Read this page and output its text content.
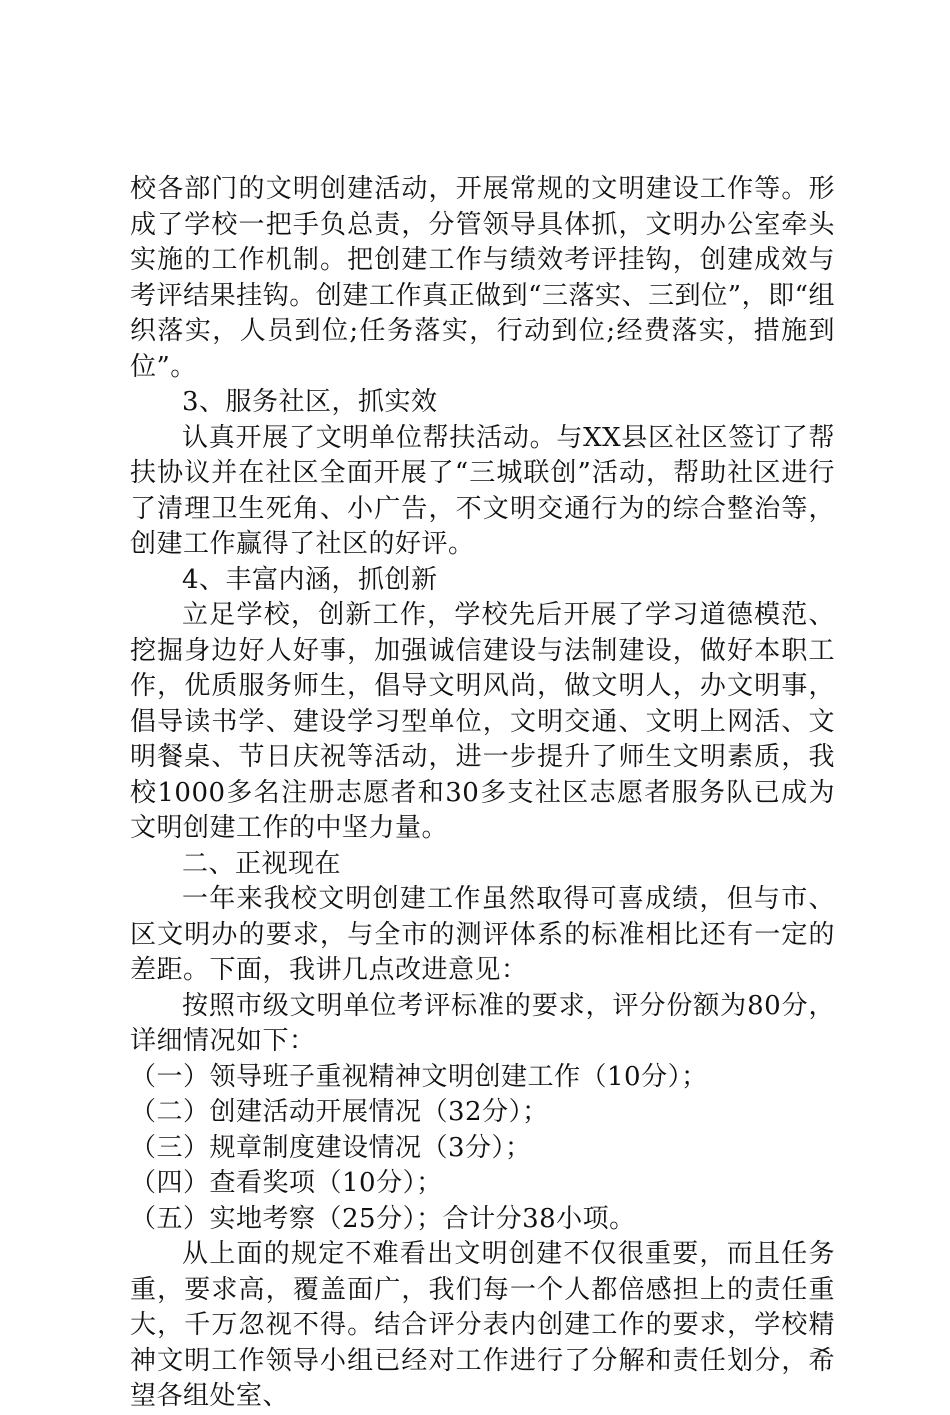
校各部门的文明创建活动，开展常规的文明建设工作等。形成了学校一把手负总责，分管领导具体抓，文明办公室牵头实施的工作机制。把创建工作与绩效考评挂钩，创建成效与考评结果挂钩。创建工作真正做到“三落实、三到位”，即“组织落实，人员到位;任务落实，行动到位;经费落实，措施到位”。

3、服务社区，抓实效

认真开展了文明单位帮扶活动。与XX县区社区签订了帮扶协议并在社区全面开展了“三城联创”活动，帮助社区进行了清理卫生死角、小广告，不文明交通行为的综合整治等，创建工作赢得了社区的好评。

4、丰富内涵，抓创新

立足学校，创新工作，学校先后开展了学习道德模范、挖掘身边好人好事，加强诚信建设与法制建设，做好本职工作，优质服务师生，倡导文明风尚，做文明人，办文明事，倡导读书学、建设学习型单位，文明交通、文明上网活、文明餐桌、节日庆祝等活动，进一步提升了师生文明素质，我校1000多名注册志愿者和30多支社区志愿者服务队已成为文明创建工作的中坚力量。

二、正视现在

一年来我校文明创建工作虽然取得可喜成绩，但与市、区文明办的要求，与全市的测评体系的标准相比还有一定的差距。下面，我讲几点改进意见：

按照市级文明单位考评标准的要求，评分份额为80分，详细情况如下：

（一）领导班子重视精神文明创建工作（10分）；

（二）创建活动开展情况（32分）；

（三）规章制度建设情况（3分）；

（四）查看奖项（10分）；

（五）实地考察（25分）；合计分38小项。

从上面的规定不难看出文明创建不仅很重要，而且任务重，要求高，覆盖面广，我们每一个人都倍感担上的责任重大，千万忽视不得。结合评分表内创建工作的要求，学校精神文明工作领导小组已经对工作进行了分解和责任划分，希望各组处室、
